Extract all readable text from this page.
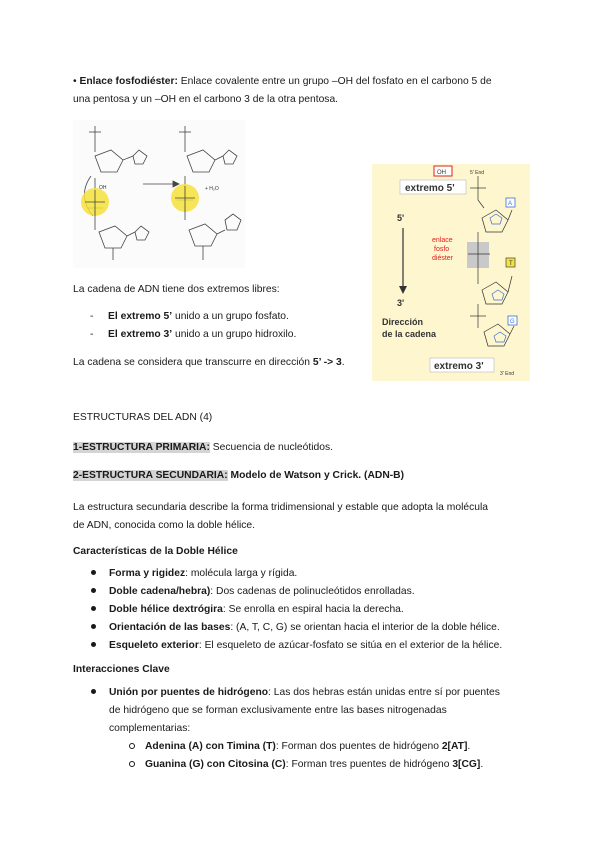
• Enlace fosfodiéster: Enlace covalente entre un grupo –OH del fosfato en el carbono 5 de
una pentosa y un –OH en el carbono 3 de la otra pentosa.
OH	+ H₂O
OH	5' End
extremo 5'
5'
3'
Dirección
de la cadena
enlace
fosfo
diéster
A
T
G
extremo 3'
3' End
La cadena de ADN tiene dos extremos libres:
- El extremo 5’ unido a un grupo fosfato.
- El extremo 3’ unido a un grupo hidroxilo.
La cadena se considera que transcurre en dirección 5’ -> 3.
ESTRUCTURAS DEL ADN (4)
1-ESTRUCTURA PRIMARIA: Secuencia de nucleótidos.
2-ESTRUCTURA SECUNDARIA: Modelo de Watson y Crick. (ADN-B)
La estructura secundaria describe la forma tridimensional y estable que adopta la molécula
de ADN, conocida como la doble hélice.
Características de la Doble Hélice
Forma y rigidez: molécula larga y rígida.
Doble cadena/hebra): Dos cadenas de polinucleótidos enrolladas.
Doble hélice dextrógira: Se enrolla en espiral hacia la derecha.
Orientación de las bases: (A, T, C, G) se orientan hacia el interior de la doble hélice.
Esqueleto exterior: El esqueleto de azúcar-fosfato se sitúa en el exterior de la hélice.
Interacciones Clave
Unión por puentes de hidrógeno: Las dos hebras están unidas entre sí por puentes
de hidrógeno que se forman exclusivamente entre las bases nitrogenadas
complementarias:
Adenina (A) con Timina (T): Forman dos puentes de hidrógeno 2[AT].
Guanina (G) con Citosina (C): Forman tres puentes de hidrógeno 3[CG].
